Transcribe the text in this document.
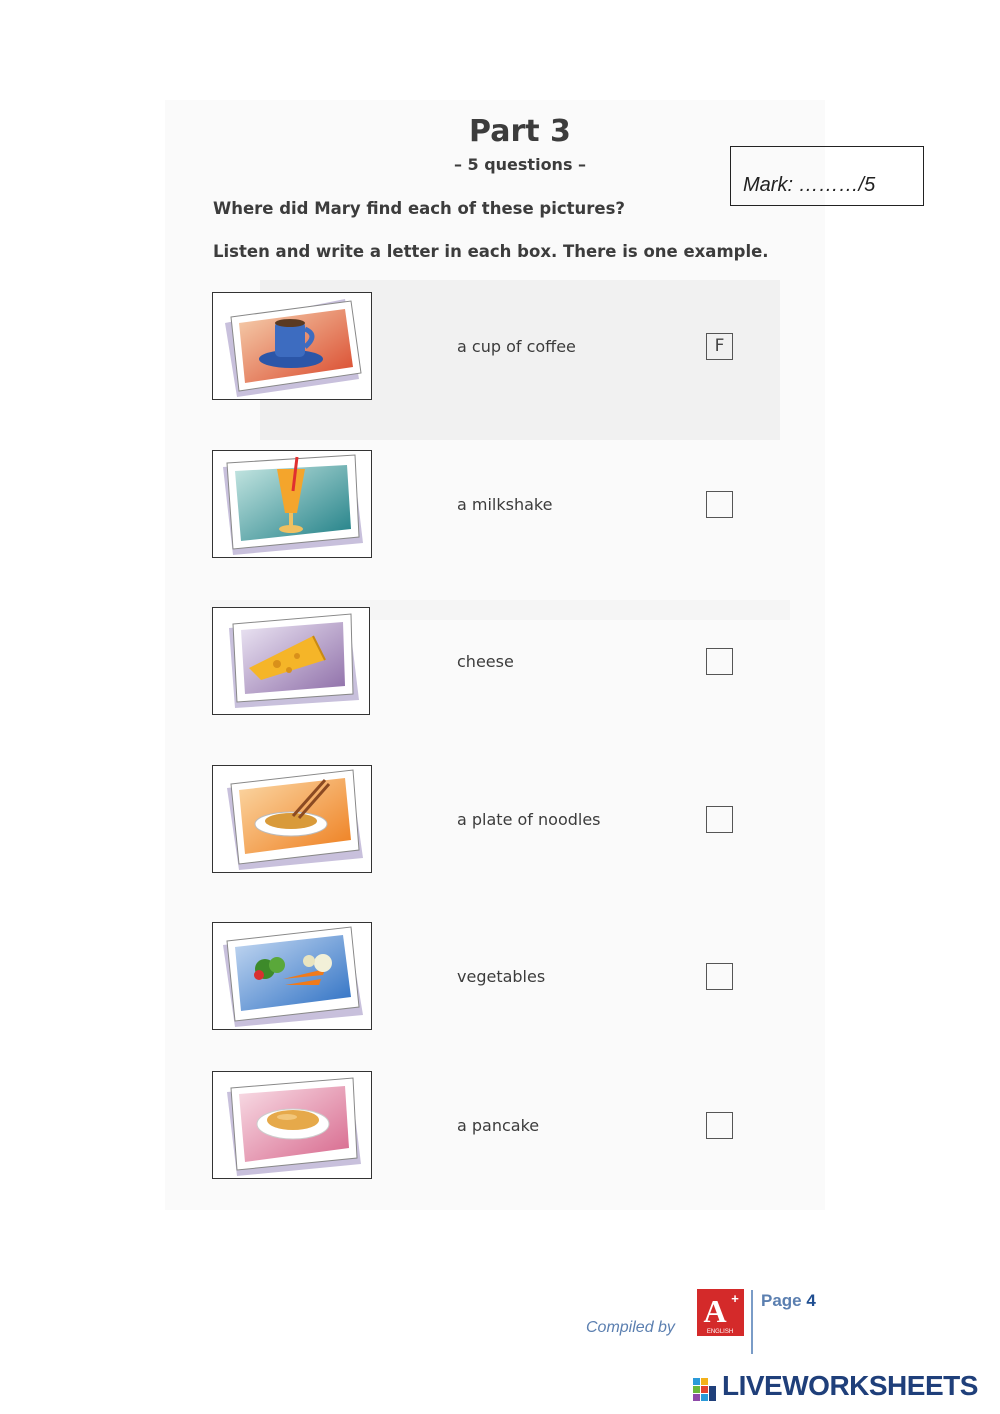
Part 3
– 5 questions –
Mark: ………/5
Where did Mary find each of these pictures?
Listen and write a letter in each box. There is one example.
a cup of coffee	F
a milkshake
cheese
a plate of noodles
vegetables
a pancake
Compiled by A +
ENGLISH
Page 4
LIVEWORKSHEETS
